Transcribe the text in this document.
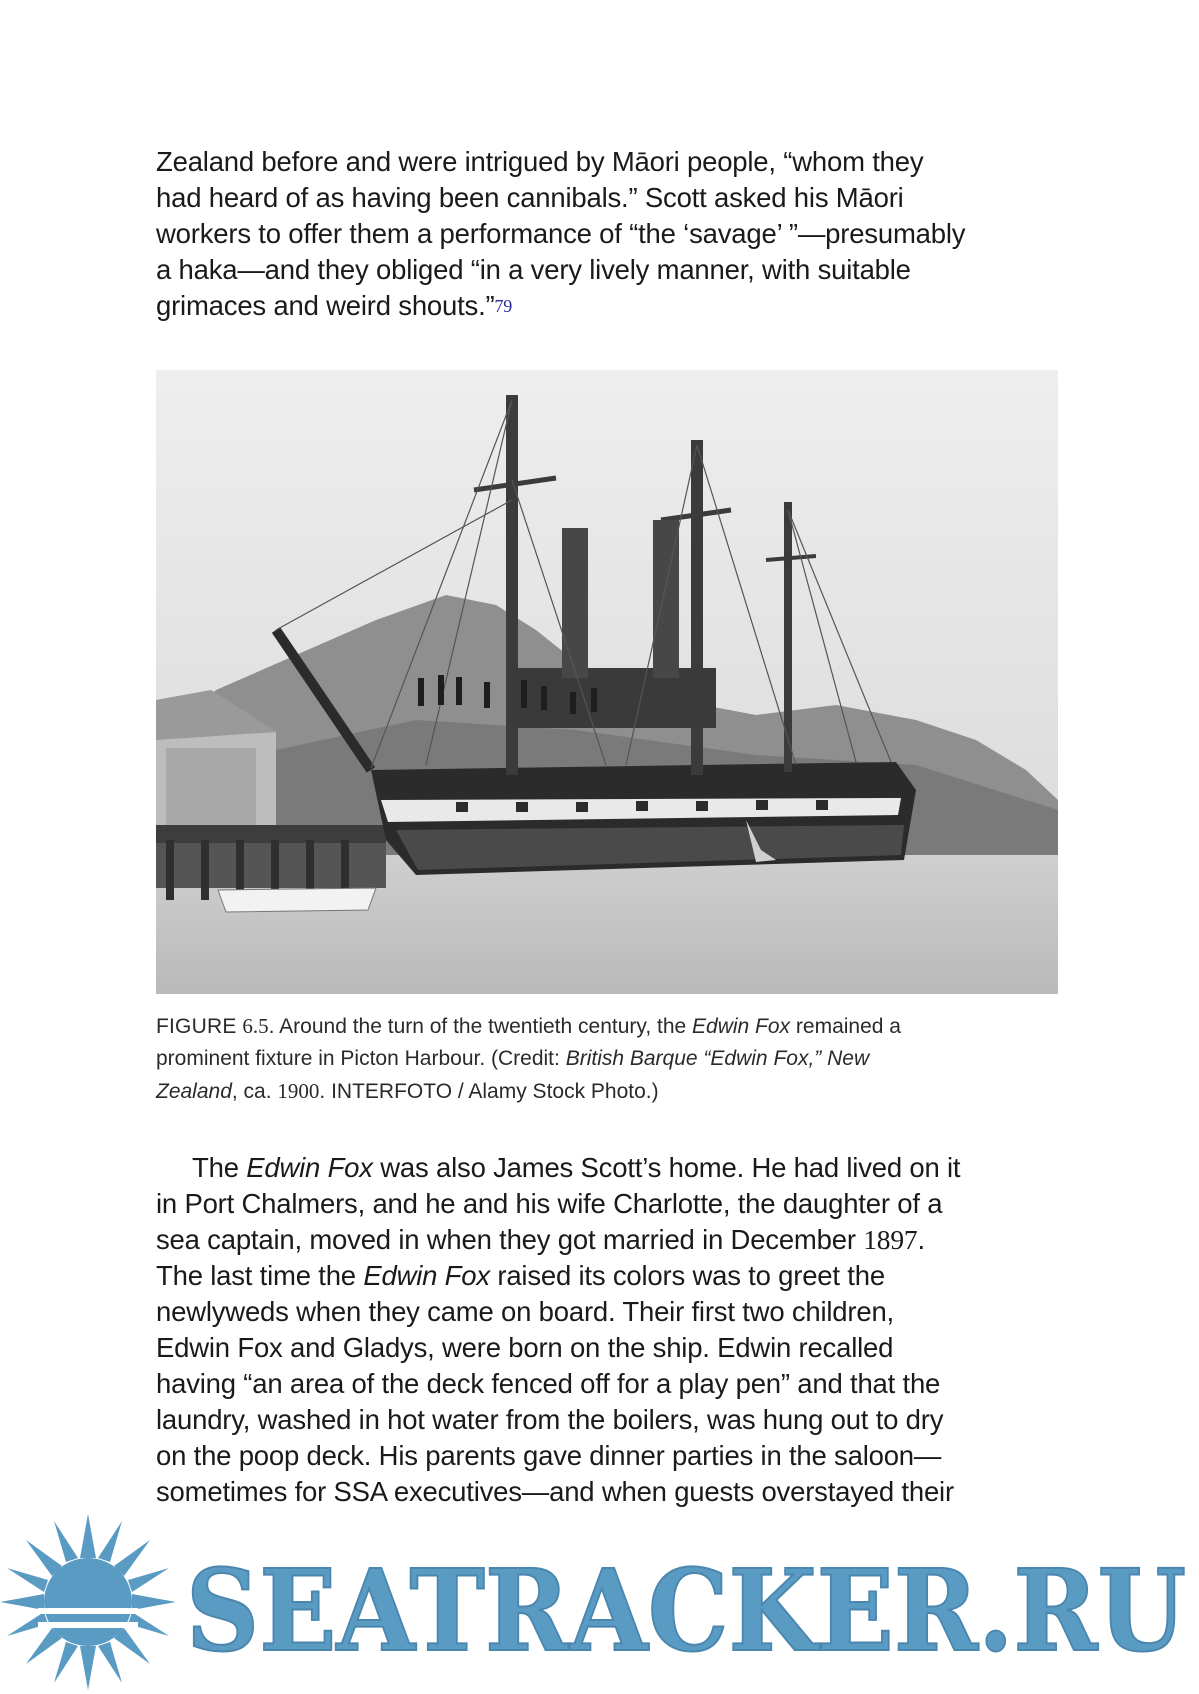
Zealand before and were intrigued by Māori people, “whom they
had heard of as having been cannibals.” Scott asked his Māori
workers to offer them a performance of “the ‘savage’ ”—presumably
a haka—and they obliged “in a very lively manner, with suitable
grimaces and weird shouts.”$^{79}$
FIGURE 6.5. Around the turn of the twentieth century, the Edwin Fox remained a
prominent fixture in Picton Harbour. (Credit: British Barque “Edwin Fox,” New
Zealand, ca. 1900. INTERFOTO / Alamy Stock Photo.)
The Edwin Fox was also James Scott’s home. He had lived on it
in Port Chalmers, and he and his wife Charlotte, the daughter of a
sea captain, moved in when they got married in December 1897.
The last time the Edwin Fox raised its colors was to greet the
newlyweds when they came on board. Their first two children,
Edwin Fox and Gladys, were born on the ship. Edwin recalled
having “an area of the deck fenced off for a play pen” and that the
laundry, washed in hot water from the boilers, was hung out to dry
on the poop deck. His parents gave dinner parties in the saloon—
sometimes for SSA executives—and when guests overstayed their
SEATRACKER.RU
